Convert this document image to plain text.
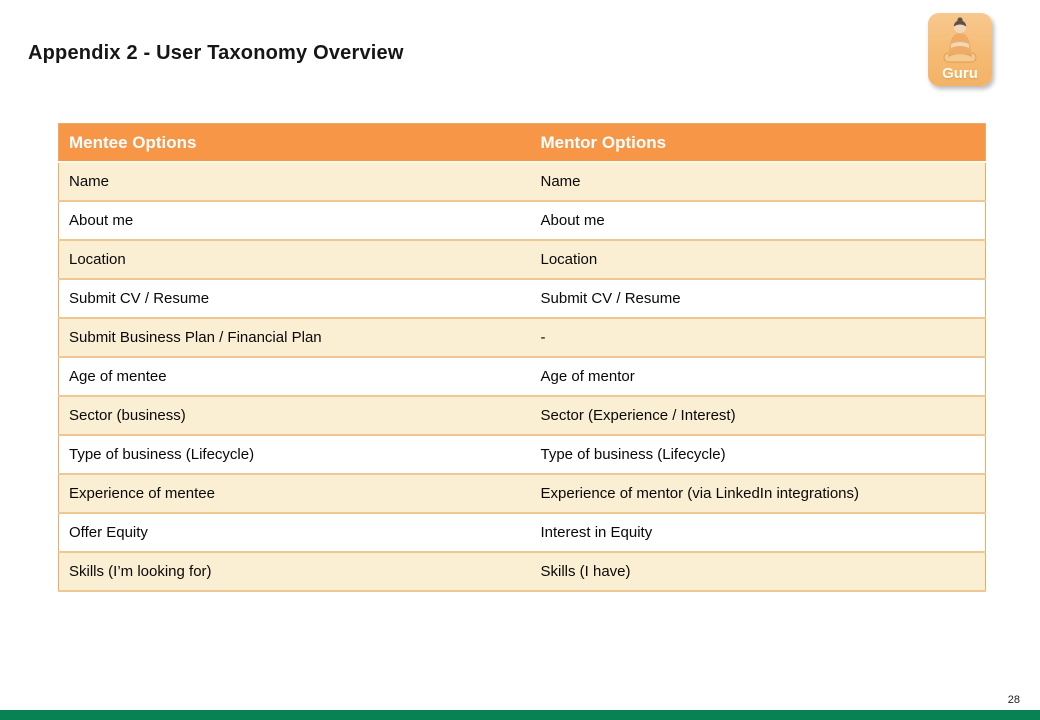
Appendix 2 - User Taxonomy Overview
Guru
Mentee Options	Mentor Options
Name	Name
About me	About me
Location	Location
Submit CV / Resume	Submit CV / Resume
Submit Business Plan / Financial Plan	-
Age of mentee	Age of mentor
Sector (business)	Sector (Experience / Interest)
Type of business (Lifecycle)	Type of business (Lifecycle)
Experience of mentee	Experience of mentor (via LinkedIn integrations)
Offer Equity	Interest in Equity
Skills (I’m looking for)	Skills (I have)
28
